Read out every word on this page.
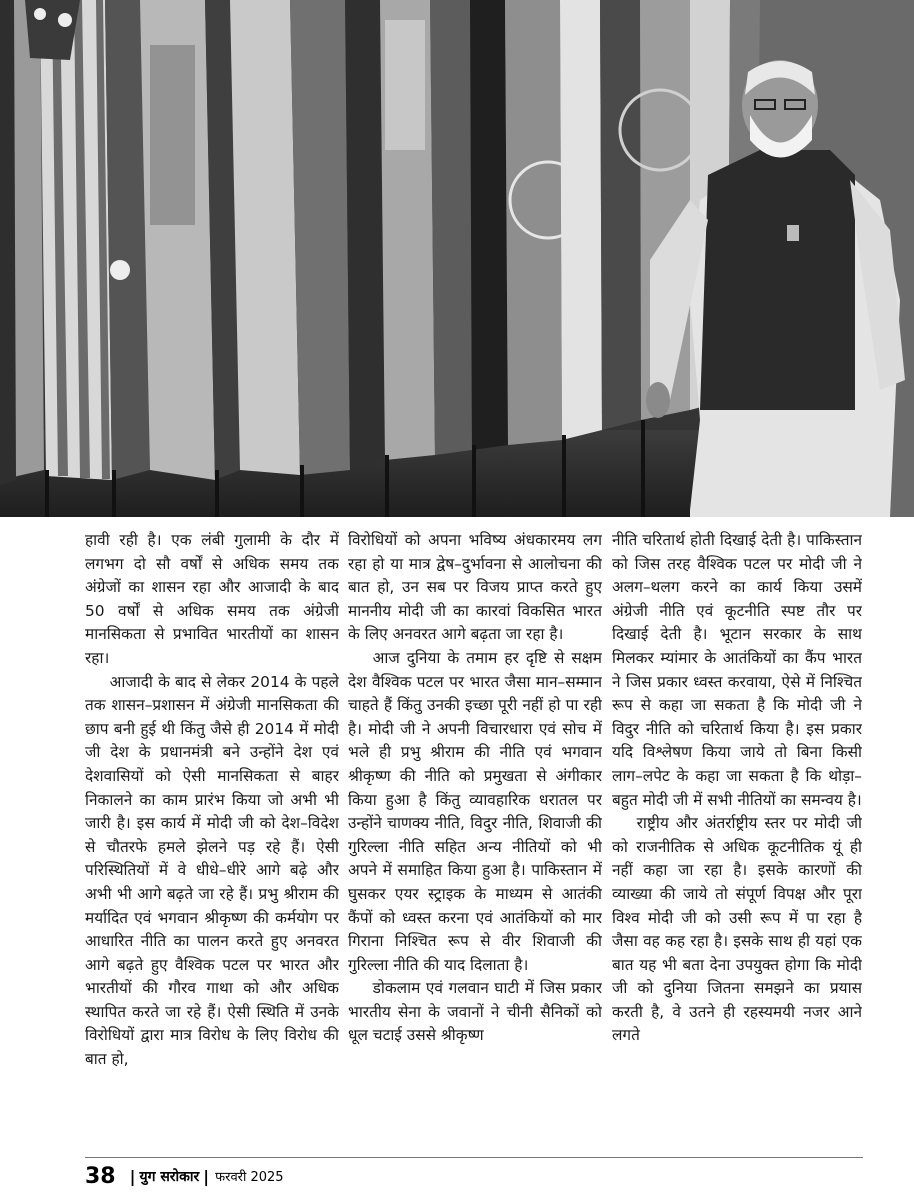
हावी रही है। एक लंबी गुलामी के दौर में लगभग दो सौ वर्षों से अधिक समय तक अंग्रेजों का शासन रहा और आजादी के बाद 50 वर्षों से अधिक समय तक अंग्रेजी मानसिकता से प्रभावित भारतीयों का शासन रहा।

आजादी के बाद से लेकर 2014 के पहले तक शासन–प्रशासन में अंग्रेजी मानसिकता की छाप बनी हुई थी किंतु जैसे ही 2014 में मोदी जी देश के प्रधानमंत्री बने उन्होंने देश एवं देशवासियों को ऐसी मानसिकता से बाहर निकालने का काम प्रारंभ किया जो अभी भी जारी है। इस कार्य में मोदी जी को देश–विदेश से चौतरफे हमले झेलने पड़ रहे हैं। ऐसी परिस्थितियों में वे धीधे–धीरे आगे बढ़े और अभी भी आगे बढ़ते जा रहे हैं। प्रभु श्रीराम की मर्यादित एवं भगवान श्रीकृष्ण की कर्मयोग पर आधारित नीति का पालन करते हुए अनवरत आगे बढ़ते हुए वैश्विक पटल पर भारत और भारतीयों की गौरव गाथा को और अधिक स्थापित करते जा रहे हैं। ऐसी स्थिति में उनके विरोधियों द्वारा मात्र विरोध के लिए विरोध की बात हो,

विरोधियों को अपना भविष्य अंधकारमय लग रहा हो या मात्र द्वेष–दुर्भावना से आलोचना की बात हो, उन सब पर विजय प्राप्त करते हुए माननीय मोदी जी का कारवां विकसित भारत के लिए अनवरत आगे बढ़ता जा रहा है।

आज दुनिया के तमाम हर दृष्टि से सक्षम देश वैश्विक पटल पर भारत जैसा मान–सम्मान चाहते हैं किंतु उनकी इच्छा पूरी नहीं हो पा रही है। मोदी जी ने अपनी विचारधारा एवं सोच में भले ही प्रभु श्रीराम की नीति एवं भगवान श्रीकृष्ण की नीति को प्रमुखता से अंगीकार किया हुआ है किंतु व्यावहारिक धरातल पर उन्होंने चाणक्य नीति, विदुर नीति, शिवाजी की गुरिल्ला नीति सहित अन्य नीतियों को भी अपने में समाहित किया हुआ है। पाकिस्तान में घुसकर एयर स्ट्राइक के माध्यम से आतंकी कैंपों को ध्वस्त करना एवं आतंकियों को मार गिराना निश्चित रूप से वीर शिवाजी की गुरिल्ला नीति की याद दिलाता है।

डोकलाम एवं गलवान घाटी में जिस प्रकार भारतीय सेना के जवानों ने चीनी सैनिकों को धूल चटाई उससे श्रीकृष्ण

नीति चरितार्थ होती दिखाई देती है। पाकिस्तान को जिस तरह वैश्विक पटल पर मोदी जी ने अलग–थलग करने का कार्य किया उसमें अंग्रेजी नीति एवं कूटनीति स्पष्ट तौर पर दिखाई देती है। भूटान सरकार के साथ मिलकर म्यांमार के आतंकियों का कैंप भारत ने जिस प्रकार ध्वस्त करवाया, ऐसे में निश्चित रूप से कहा जा सकता है कि मोदी जी ने विदुर नीति को चरितार्थ किया है। इस प्रकार यदि विश्लेषण किया जाये तो बिना किसी लाग–लपेट के कहा जा सकता है कि थोड़ा–बहुत मोदी जी में सभी नीतियों का समन्वय है।

राष्ट्रीय और अंतर्राष्ट्रीय स्तर पर मोदी जी को राजनीतिक से अधिक कूटनीतिक यूं ही नहीं कहा जा रहा है। इसके कारणों की व्याख्या की जाये तो संपूर्ण विपक्ष और पूरा विश्व मोदी जी को उसी रूप में पा रहा है जैसा वह कह रहा है। इसके साथ ही यहां एक बात यह भी बता देना उपयुक्त होगा कि मोदी जी को दुनिया जितना समझने का प्रयास करती है, वे उतने ही रहस्यमयी नजर आने लगते

38 | युग सरोकार | फरवरी 2025
